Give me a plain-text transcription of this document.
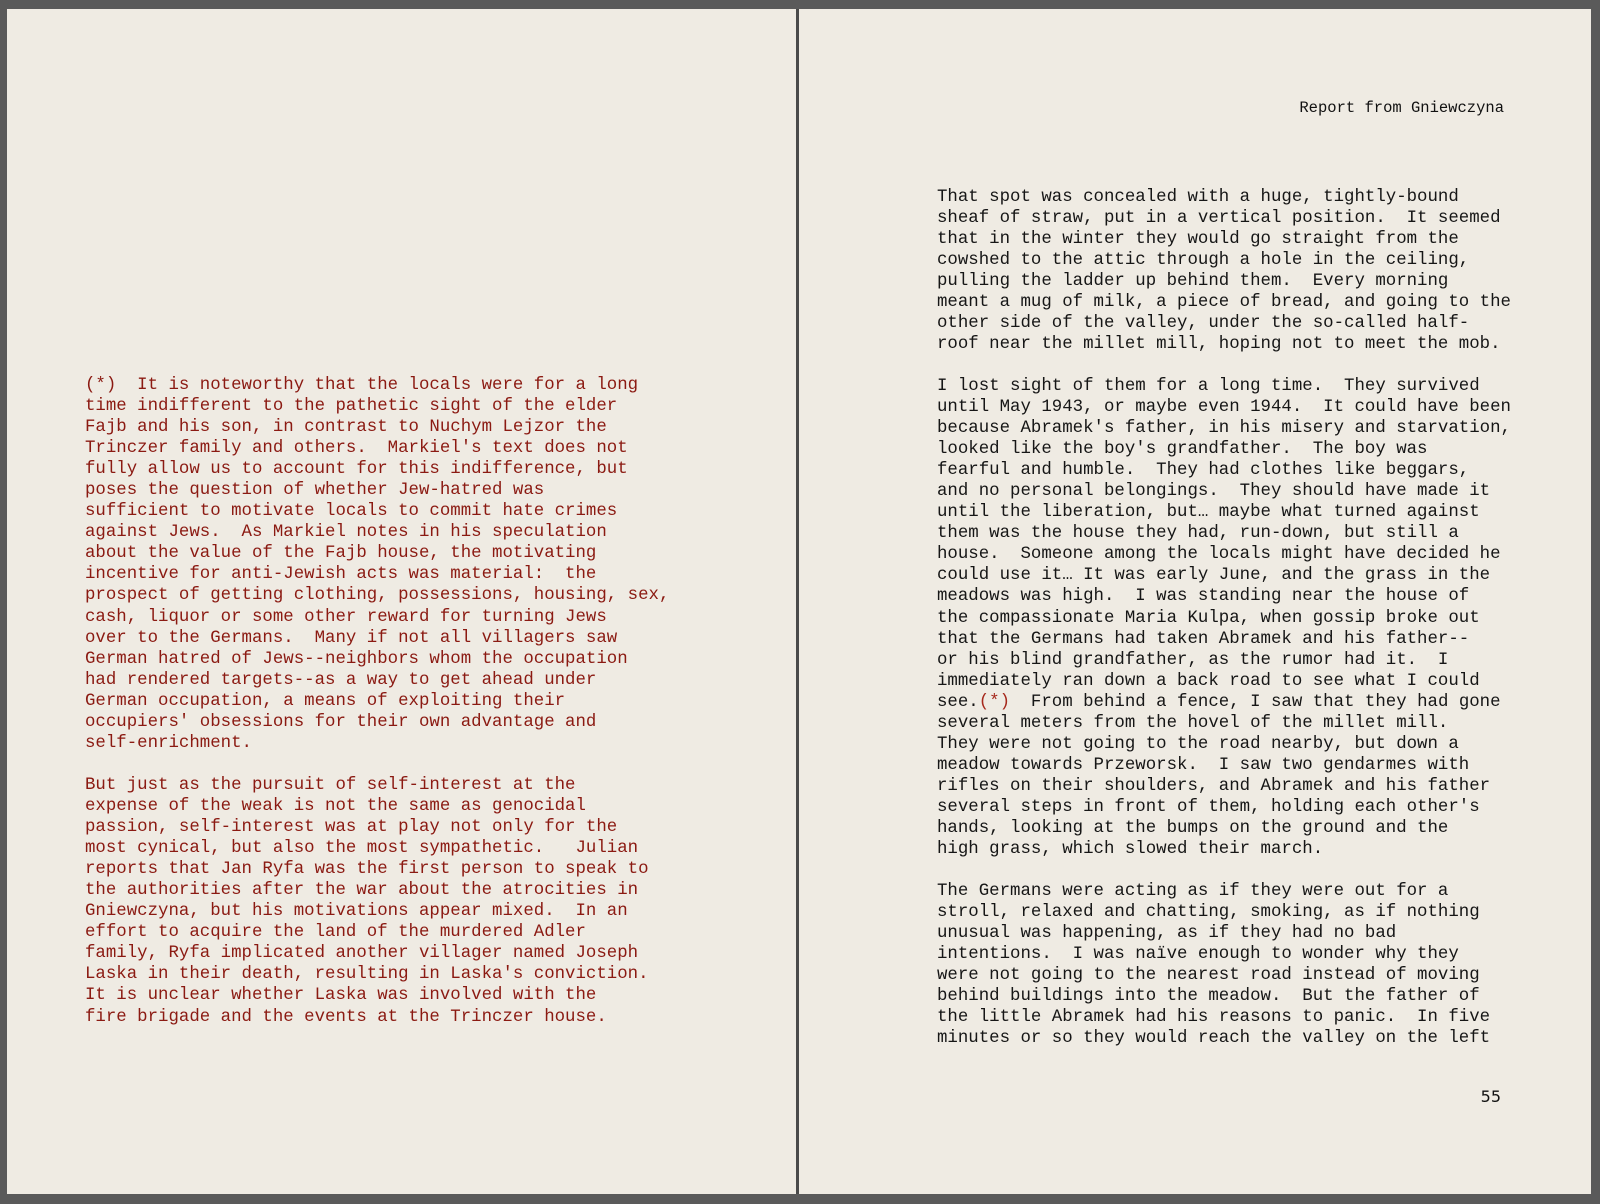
(*)  It is noteworthy that the locals were for a long
time indifferent to the pathetic sight of the elder
Fajb and his son, in contrast to Nuchym Lejzor the
Trinczer family and others.  Markiel's text does not
fully allow us to account for this indifference, but
poses the question of whether Jew-hatred was
sufficient to motivate locals to commit hate crimes
against Jews.  As Markiel notes in his speculation
about the value of the Fajb house, the motivating
incentive for anti-Jewish acts was material:  the
prospect of getting clothing, possessions, housing, sex,
cash, liquor or some other reward for turning Jews
over to the Germans.  Many if not all villagers saw
German hatred of Jews--neighbors whom the occupation
had rendered targets--as a way to get ahead under
German occupation, a means of exploiting their
occupiers' obsessions for their own advantage and
self-enrichment.

But just as the pursuit of self-interest at the
expense of the weak is not the same as genocidal
passion, self-interest was at play not only for the
most cynical, but also the most sympathetic.   Julian
reports that Jan Ryfa was the first person to speak to
the authorities after the war about the atrocities in
Gniewczyna, but his motivations appear mixed.  In an
effort to acquire the land of the murdered Adler
family, Ryfa implicated another villager named Joseph
Laska in their death, resulting in Laska's conviction.
It is unclear whether Laska was involved with the
fire brigade and the events at the Trinczer house.

Report from Gniewczyna

That spot was concealed with a huge, tightly-bound
sheaf of straw, put in a vertical position.  It seemed
that in the winter they would go straight from the
cowshed to the attic through a hole in the ceiling,
pulling the ladder up behind them.  Every morning
meant a mug of milk, a piece of bread, and going to the
other side of the valley, under the so-called half-
roof near the millet mill, hoping not to meet the mob.

I lost sight of them for a long time.  They survived
until May 1943, or maybe even 1944.  It could have been
because Abramek's father, in his misery and starvation,
looked like the boy's grandfather.  The boy was
fearful and humble.  They had clothes like beggars,
and no personal belongings.  They should have made it
until the liberation, but… maybe what turned against
them was the house they had, run-down, but still a
house.  Someone among the locals might have decided he
could use it… It was early June, and the grass in the
meadows was high.  I was standing near the house of
the compassionate Maria Kulpa, when gossip broke out
that the Germans had taken Abramek and his father--
or his blind grandfather, as the rumor had it.  I
immediately ran down a back road to see what I could
see.(*)  From behind a fence, I saw that they had gone
several meters from the hovel of the millet mill.
They were not going to the road nearby, but down a
meadow towards Przeworsk.  I saw two gendarmes with
rifles on their shoulders, and Abramek and his father
several steps in front of them, holding each other's
hands, looking at the bumps on the ground and the
high grass, which slowed their march.

The Germans were acting as if they were out for a
stroll, relaxed and chatting, smoking, as if nothing
unusual was happening, as if they had no bad
intentions.  I was naïve enough to wonder why they
were not going to the nearest road instead of moving
behind buildings into the meadow.  But the father of
the little Abramek had his reasons to panic.  In five
minutes or so they would reach the valley on the left

55
